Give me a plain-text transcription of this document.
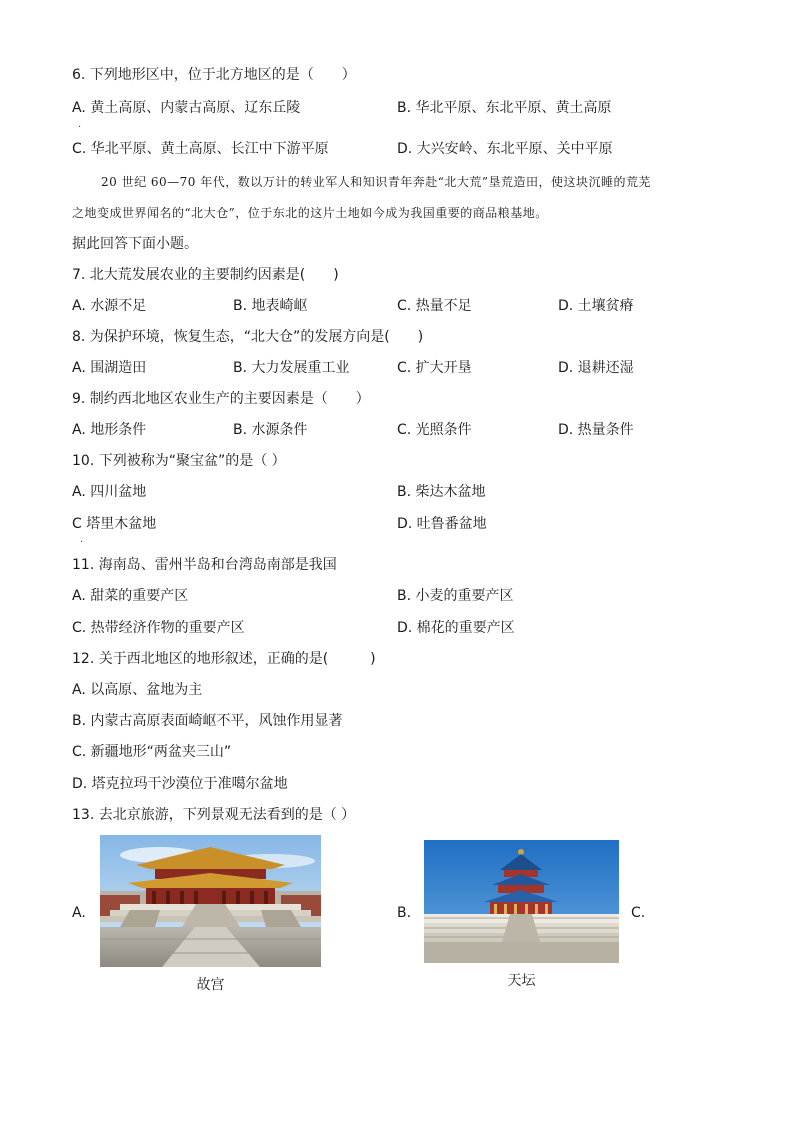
6. 下列地形区中，位于北方地区的是（　　）
A. 黄土高原、内蒙古高原、辽东丘陵
.
B. 华北平原、东北平原、黄土高原
C. 华北平原、黄土高原、长江中下游平原	D. 大兴安岭、东北平原、关中平原
20 世纪 60—70 年代，数以万计的转业军人和知识青年奔赴“北大荒”垦荒造田，使这块沉睡的荒芜
之地变成世界闻名的“北大仓”，位于东北的这片土地如今成为我国重要的商品粮基地。
据此回答下面小题。
7. 北大荒发展农业的主要制约因素是(　　)
A. 水源不足	B. 地表崎岖	C. 热量不足	D. 土壤贫瘠
8. 为保护环境，恢复生态，“北大仓”的发展方向是(　　)
A. 围湖造田	B. 大力发展重工业	C. 扩大开垦	D. 退耕还湿
9. 制约西北地区农业生产的主要因素是（　　）
A. 地形条件	B. 水源条件	C. 光照条件	D. 热量条件
10. 下列被称为“聚宝盆”的是（ ）
A. 四川盆地	B. 柴达木盆地
C 塔里木盆地
.
D. 吐鲁番盆地
11. 海南岛、雷州半岛和台湾岛南部是我国
A. 甜菜的重要产区	B. 小麦的重要产区
C. 热带经济作物的重要产区	D. 棉花的重要产区
12. 关于西北地区的地形叙述，正确的是(　　　)
A. 以高原、盆地为主
B. 内蒙古高原表面崎岖不平，风蚀作用显著
C. 新疆地形“两盆夹三山”
D. 塔克拉玛干沙漠位于准噶尔盆地
13. 去北京旅游，下列景观无法看到的是（ ）
A.
故宫
B.
天坛
C.
